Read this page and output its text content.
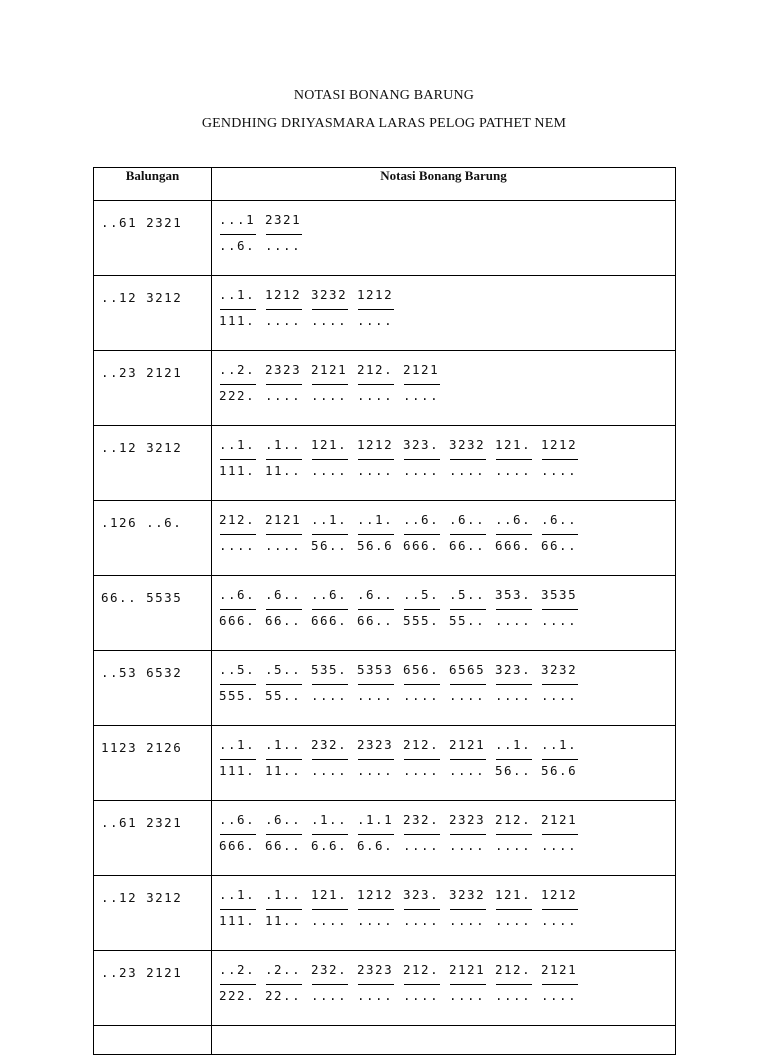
NOTASI BONANG BARUNG
GENDHING DRIYASMARA LARAS PELOG PATHET NEM
Balungan	Notasi Bonang Barung
..61 2321	...1 2321
..6. ....

..12 3212	..1. 1212 3232 1212
111. .... .... ....

..23 2121	..2. 2323 2121 212. 2121
222. .... .... .... ....

..12 3212	..1. .1.. 121. 1212 323. 3232 121. 1212
111. 11.. .... .... .... .... .... ....

.126 ..6.	212. 2121 ..1. ..1. ..6. .6.. ..6. .6..
.... .... 56.. 56.6 666. 66.. 666. 66..

66.. 5535	..6. .6.. ..6. .6.. ..5. .5.. 353. 3535
666. 66.. 666. 66.. 555. 55.. .... ....

..53 6532	..5. .5.. 535. 5353 656. 6565 323. 3232
555. 55.. .... .... .... .... .... ....

1123 2126	..1. .1.. 232. 2323 212. 2121 ..1. ..1.
111. 11.. .... .... .... .... 56.. 56.6

..61 2321	..6. .6.. .1.. .1.1 232. 2323 212. 2121
666. 66.. 6.6. 6.6. .... .... .... ....

..12 3212	..1. .1.. 121. 1212 323. 3232 121. 1212
111. 11.. .... .... .... .... .... ....

..23 2121	..2. .2.. 232. 2323 212. 2121 212. 2121
222. 22.. .... .... .... .... .... ....
